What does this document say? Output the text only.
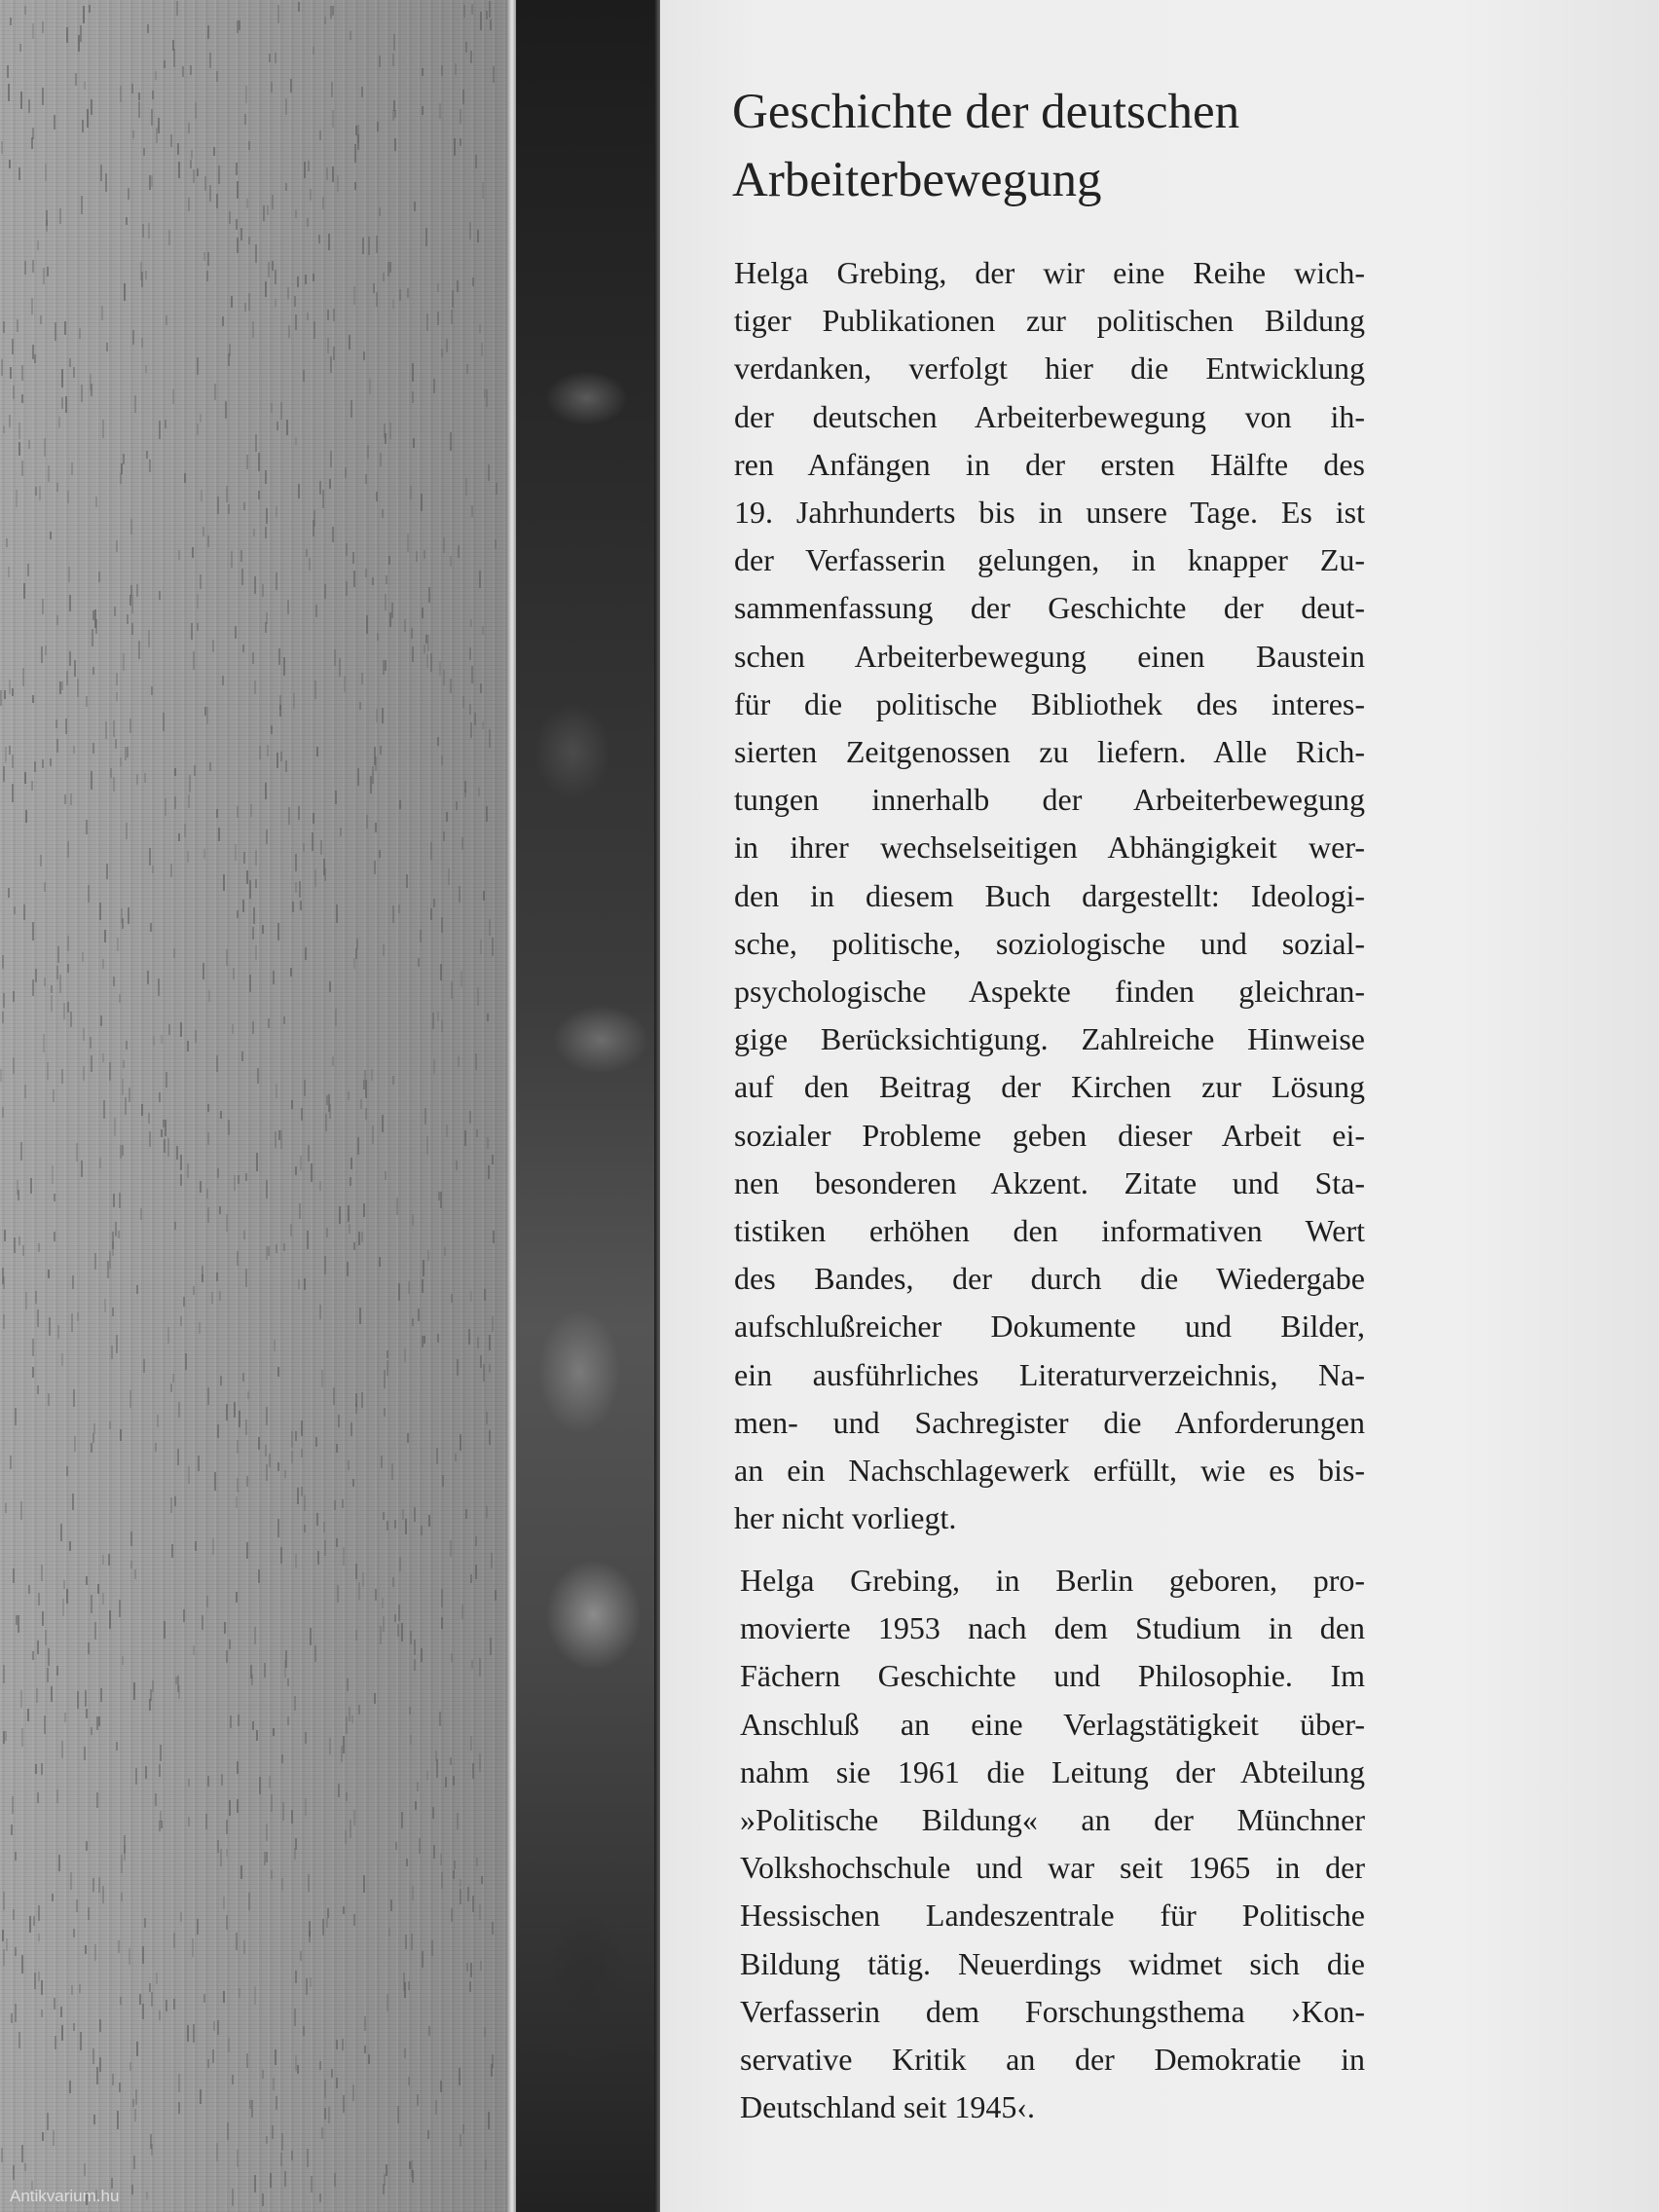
Geschichte der deutschen
Arbeiterbewegung
Helga Grebing, der wir eine Reihe wich-
tiger Publikationen zur politischen Bildung
verdanken, verfolgt hier die Entwicklung
der deutschen Arbeiterbewegung von ih-
ren Anfängen in der ersten Hälfte des
19. Jahrhunderts bis in unsere Tage. Es ist
der Verfasserin gelungen, in knapper Zu-
sammenfassung der Geschichte der deut-
schen Arbeiterbewegung einen Baustein
für die politische Bibliothek des interes-
sierten Zeitgenossen zu liefern. Alle Rich-
tungen innerhalb der Arbeiterbewegung
in ihrer wechselseitigen Abhängigkeit wer-
den in diesem Buch dargestellt: Ideologi-
sche, politische, soziologische und sozial-
psychologische Aspekte finden gleichran-
gige Berücksichtigung. Zahlreiche Hinweise
auf den Beitrag der Kirchen zur Lösung
sozialer Probleme geben dieser Arbeit ei-
nen besonderen Akzent. Zitate und Sta-
tistiken erhöhen den informativen Wert
des Bandes, der durch die Wiedergabe
aufschlußreicher Dokumente und Bilder,
ein ausführliches Literaturverzeichnis, Na-
men- und Sachregister die Anforderungen
an ein Nachschlagewerk erfüllt, wie es bis-
her nicht vorliegt.
Helga Grebing, in Berlin geboren, pro-
movierte 1953 nach dem Studium in den
Fächern Geschichte und Philosophie. Im
Anschluß an eine Verlagstätigkeit über-
nahm sie 1961 die Leitung der Abteilung
»Politische Bildung« an der Münchner
Volkshochschule und war seit 1965 in der
Hessischen Landeszentrale für Politische
Bildung tätig. Neuerdings widmet sich die
Verfasserin dem Forschungsthema ›Kon-
servative Kritik an der Demokratie in
Deutschland seit 1945‹.
Antikvarium.hu
